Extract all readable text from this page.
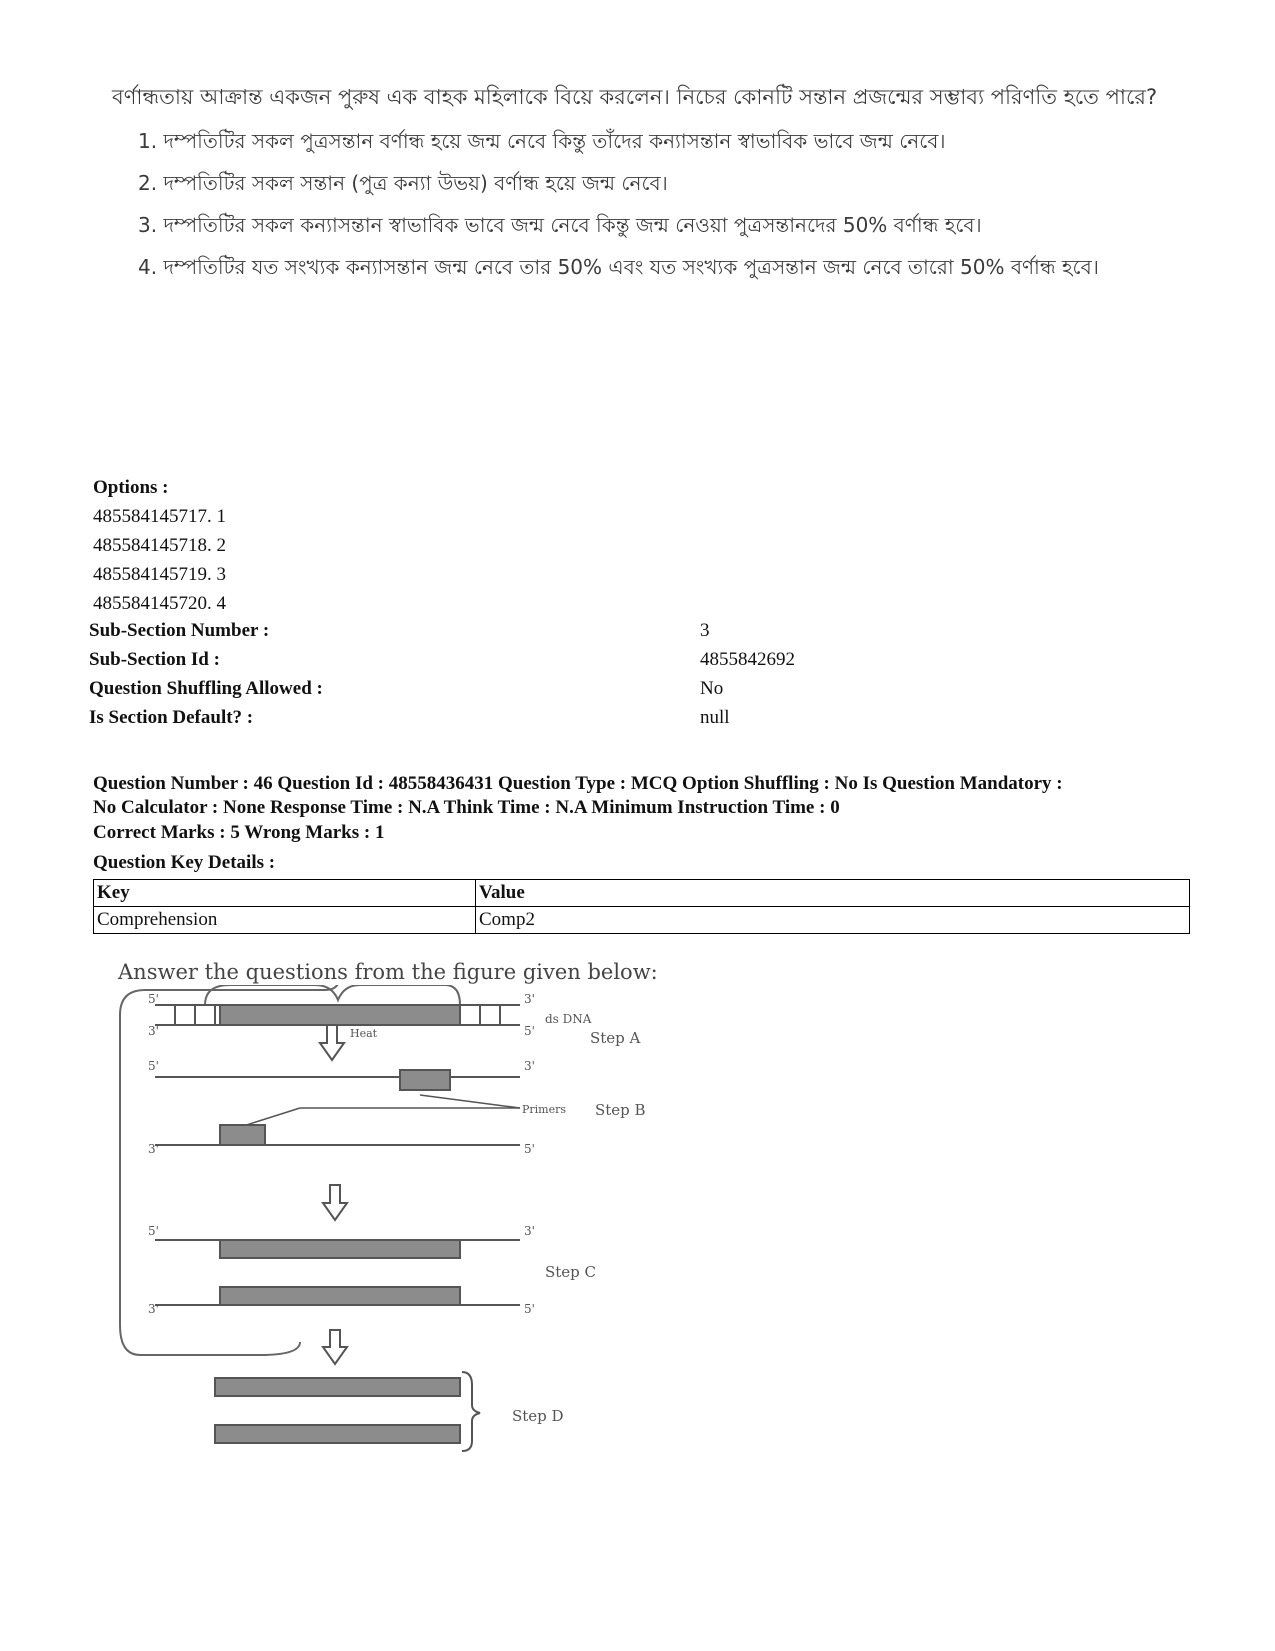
বর্ণান্ধতায় আক্রান্ত একজন পুরুষ এক বাহক মহিলাকে বিয়ে করলেন। নিচের কোনটি সন্তান প্রজন্মের সম্ভাব্য পরিণতি হতে পারে?

1. দম্পতিটির সকল পুত্রসন্তান বর্ণান্ধ হয়ে জন্ম নেবে কিন্তু তাঁদের কন্যাসন্তান স্বাভাবিক ভাবে জন্ম নেবে।

2. দম্পতিটির সকল সন্তান (পুত্র কন্যা উভয়) বর্ণান্ধ হয়ে জন্ম নেবে।

3. দম্পতিটির সকল কন্যাসন্তান স্বাভাবিক ভাবে জন্ম নেবে কিন্তু জন্ম নেওয়া পুত্রসন্তানদের 50% বর্ণান্ধ হবে।

4. দম্পতিটির যত সংখ্যক কন্যাসন্তান জন্ম নেবে তার 50% এবং যত সংখ্যক পুত্রসন্তান জন্ম নেবে তারো 50% বর্ণান্ধ হবে।

Options :
485584145717. 1
485584145718. 2
485584145719. 3
485584145720. 4
Sub-Section Number :	3
Sub-Section Id :	4855842692
Question Shuffling Allowed :	No
Is Section Default? :	null
Question Number : 46 Question Id : 48558436431 Question Type : MCQ Option Shuffling : No Is Question Mandatory :
No Calculator : None Response Time : N.A Think Time : N.A Minimum Instruction Time : 0
Correct Marks : 5 Wrong Marks : 1
Question Key Details :
Key	Value
Comprehension	Comp2
Answer the questions from the figure given below:
5'
3'
3'
5'
ds DNA
Heat	Step A
5'	3'
Primers Step B
3'	5'
5'	3'
3'	5'
Step C
Step D
